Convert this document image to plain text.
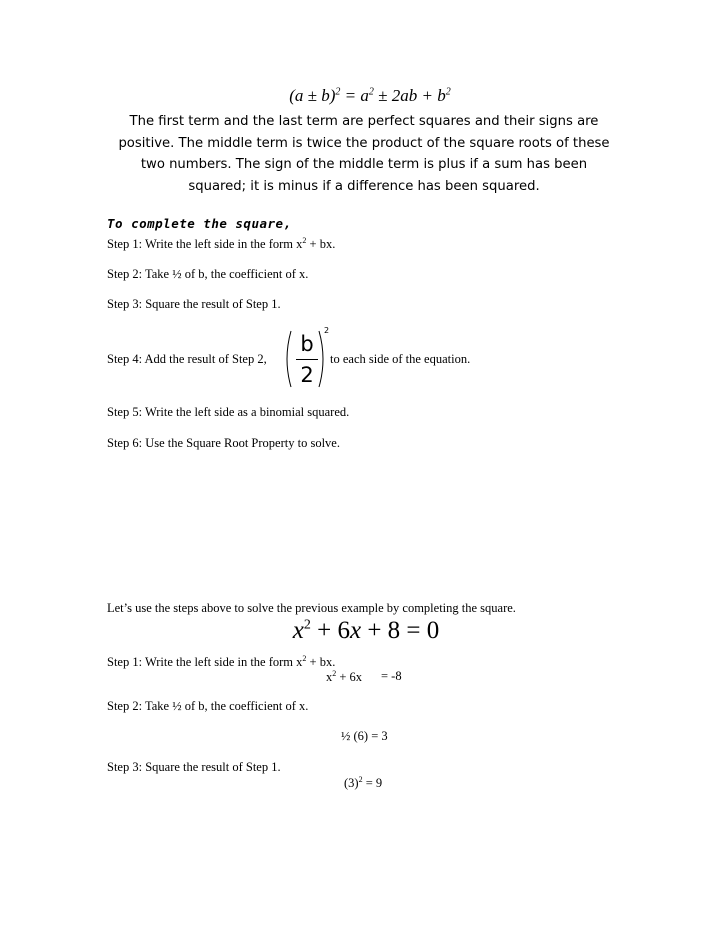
$(a \pm b)^2 = a^2 \pm 2ab + b^2$
The first term and the last term are perfect squares and their signs are positive. The middle term is twice the product of the square roots of these two numbers. The sign of the middle term is plus if a sum has been squared; it is minus if a difference has been squared.
To complete the square,
Step 1: Write the left side in the form $x^2$ + bx.
Step 2: Take ½ of b, the coefficient of x.
Step 3: Square the result of Step 1.
Step 4: Add the result of Step 2,
b
2
2
to each side of the equation.
Step 5: Write the left side as a binomial squared.
Step 6: Use the Square Root Property to solve.
Let’s use the steps above to solve the previous example by completing the square.
$x^2 + 6x + 8 = 0$
Step 1: Write the left side in the form $x^2$ + bx.
$x^2 + 6x = -8$
Step 2: Take ½ of b, the coefficient of x.
½ (6) = 3
Step 3: Square the result of Step 1.
$(3)^2 = 9$
